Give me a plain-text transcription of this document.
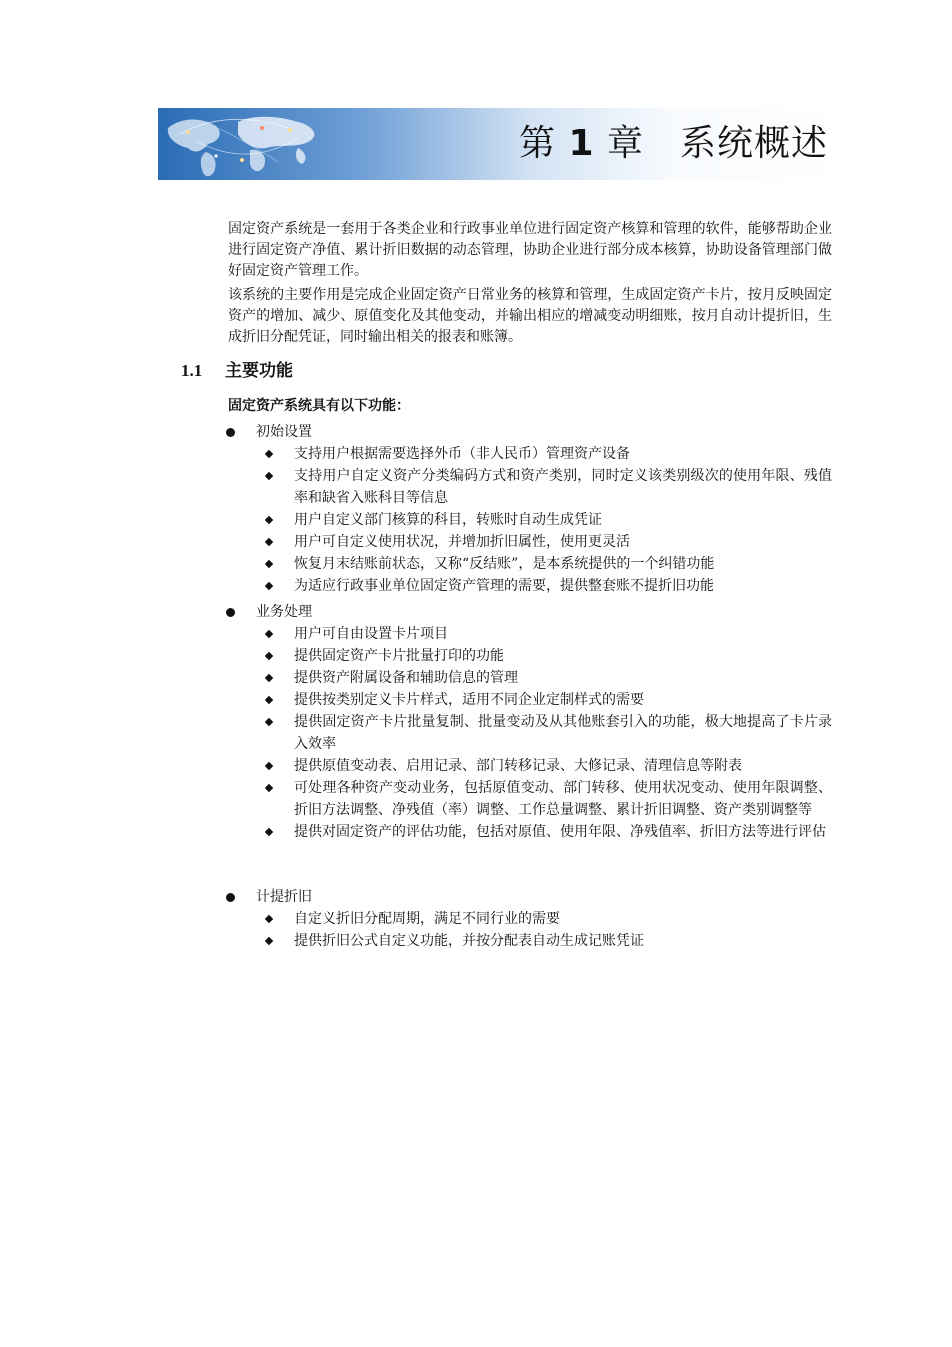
第 1 章 系统概述

固定资产系统是一套用于各类企业和行政事业单位进行固定资产核算和管理的软件，能够帮助企业进行固定资产净值、累计折旧数据的动态管理，协助企业进行部分成本核算，协助设备管理部门做好固定资产管理工作。

该系统的主要作用是完成企业固定资产日常业务的核算和管理，生成固定资产卡片，按月反映固定资产的增加、减少、原值变化及其他变动，并输出相应的增减变动明细账，按月自动计提折旧，生成折旧分配凭证，同时输出相关的报表和账簿。

1.1 主要功能
固定资产系统具有以下功能：
初始设置
支持用户根据需要选择外币（非人民币）管理资产设备
支持用户自定义资产分类编码方式和资产类别，同时定义该类别级次的使用年限、残值率和缺省入账科目等信息
用户自定义部门核算的科目，转账时自动生成凭证
用户可自定义使用状况，并增加折旧属性，使用更灵活
恢复月末结账前状态，又称“反结账”，是本系统提供的一个纠错功能
为适应行政事业单位固定资产管理的需要，提供整套账不提折旧功能
业务处理
用户可自由设置卡片项目
提供固定资产卡片批量打印的功能
提供资产附属设备和辅助信息的管理
提供按类别定义卡片样式，适用不同企业定制样式的需要
提供固定资产卡片批量复制、批量变动及从其他账套引入的功能，极大地提高了卡片录入效率
提供原值变动表、启用记录、部门转移记录、大修记录、清理信息等附表
可处理各种资产变动业务，包括原值变动、部门转移、使用状况变动、使用年限调整、折旧方法调整、净残值（率）调整、工作总量调整、累计折旧调整、资产类别调整等
提供对固定资产的评估功能，包括对原值、使用年限、净残值率、折旧方法等进行评估
计提折旧
自定义折旧分配周期，满足不同行业的需要
提供折旧公式自定义功能，并按分配表自动生成记账凭证
